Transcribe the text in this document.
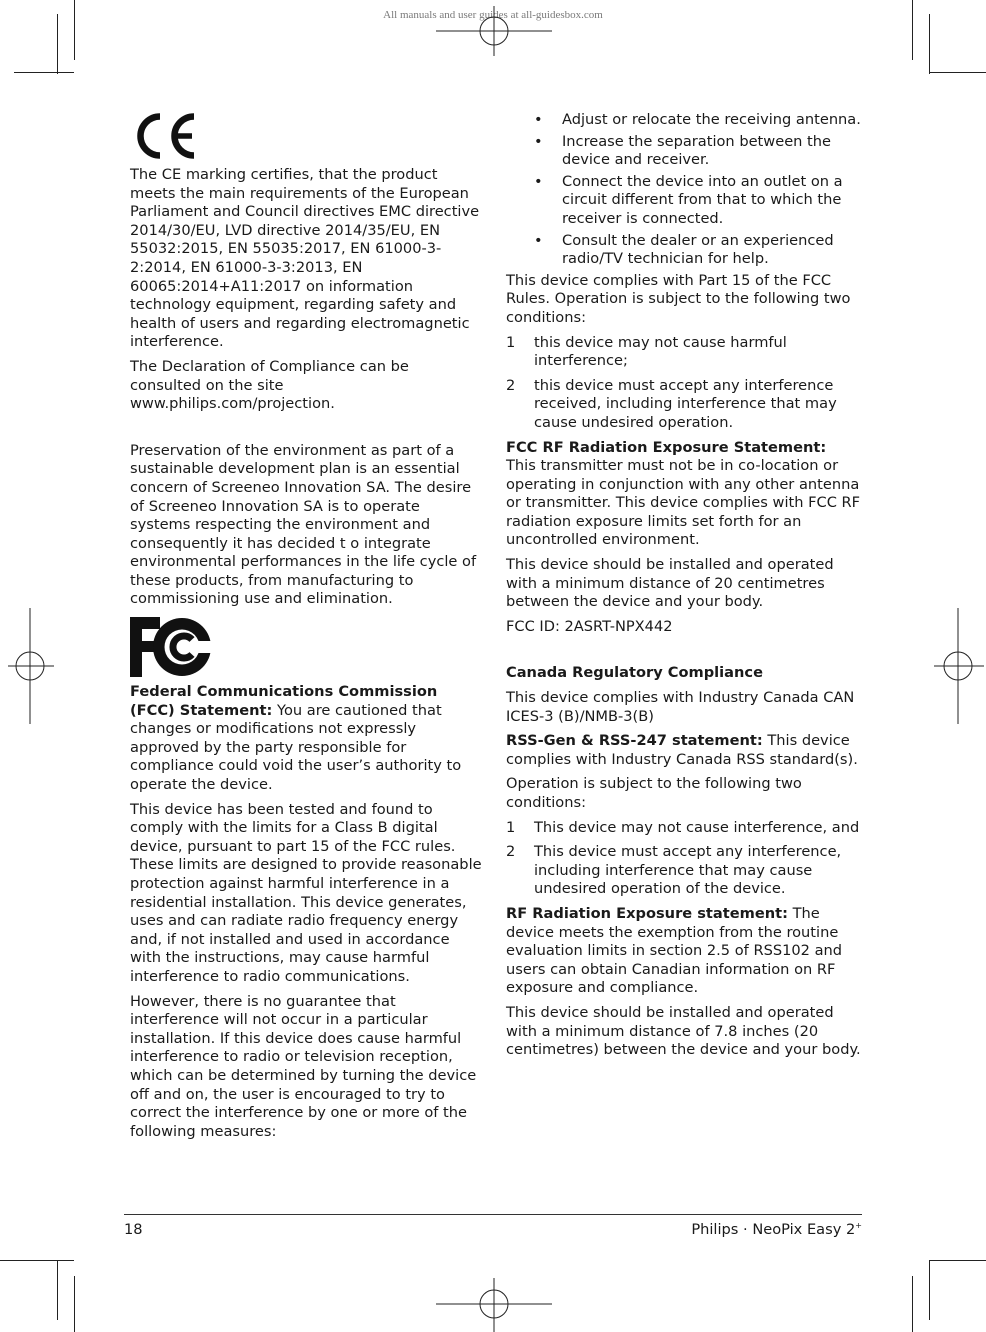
All manuals and user guides at all-guidesbox.com

The CE marking certifies, that the product meets the main requirements of the European Parliament and Council directives EMC directive 2014/30/EU, LVD directive 2014/35/EU, EN 55032:2015, EN 55035:2017, EN 61000-3-2:2014, EN 61000-3-3:2013, EN 60065:2014+A11:2017 on information technology equipment, regarding safety and health of users and regarding electromagnetic interference.

The Declaration of Compliance can be consulted on the site www.philips.com/projection.

Preservation of the environment as part of a sustainable development plan is an essential concern of Screeneo Innovation SA. The desire of Screeneo Innovation SA is to operate systems respecting the environment and consequently it has decided t o integrate environmental performances in the life cycle of these products, from manufacturing to commissioning use and elimination.

Federal Communications Commission (FCC) Statement: You are cautioned that changes or modifications not expressly approved by the party responsible for compliance could void the user’s authority to operate the device.

This device has been tested and found to comply with the limits for a Class B digital device, pursuant to part 15 of the FCC rules. These limits are designed to provide reasonable protection against harmful interference in a residential installation. This device generates, uses and can radiate radio frequency energy and, if not installed and used in accordance with the instructions, may cause harmful interference to radio communications.

However, there is no guarantee that interference will not occur in a particular installation. If this device does cause harmful interference to radio or television reception, which can be determined by turning the device off and on, the user is encouraged to try to correct the interference by one or more of the following measures:

• Adjust or relocate the receiving antenna.
• Increase the separation between the device and receiver.
• Connect the device into an outlet on a circuit different from that to which the receiver is connected.
• Consult the dealer or an experienced radio/TV technician for help.

This device complies with Part 15 of the FCC Rules. Operation is subject to the following two conditions:

1 this device may not cause harmful interference;
2 this device must accept any interference received, including interference that may cause undesired operation.

FCC RF Radiation Exposure Statement:
This transmitter must not be in co-location or operating in conjunction with any other antenna or transmitter. This device complies with FCC RF radiation exposure limits set forth for an uncontrolled environment.

This device should be installed and operated with a minimum distance of 20 centimetres between the device and your body.

FCC ID: 2ASRT-NPX442

Canada Regulatory Compliance

This device complies with Industry Canada CAN ICES-3 (B)/NMB-3(B)

RSS-Gen & RSS-247 statement: This device complies with Industry Canada RSS standard(s).

Operation is subject to the following two conditions:

1 This device may not cause interference, and
2 This device must accept any interference, including interference that may cause undesired operation of the device.

RF Radiation Exposure statement: The device meets the exemption from the routine evaluation limits in section 2.5 of RSS102 and users can obtain Canadian information on RF exposure and compliance.

This device should be installed and operated with a minimum distance of 7.8 inches (20 centimetres) between the device and your body.

18	Philips · NeoPix Easy 2+
